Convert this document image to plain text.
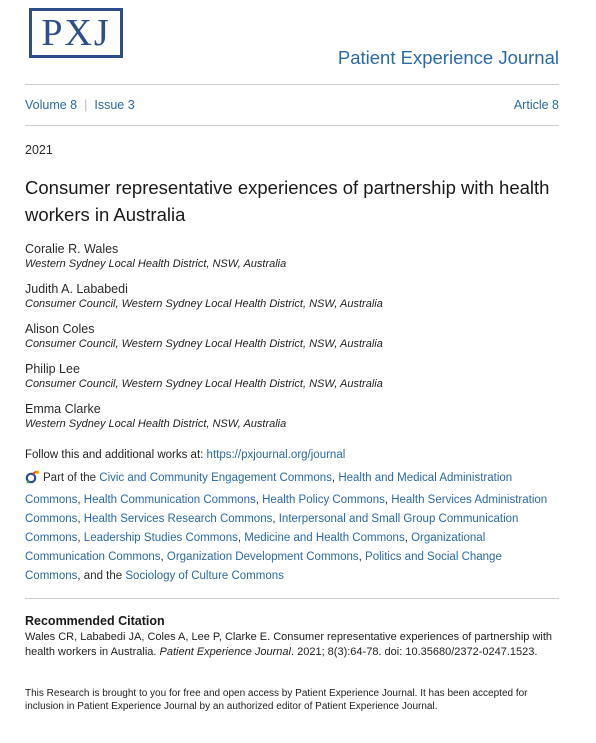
PXJ
Patient Experience Journal
Volume 8 | Issue 3	Article 8
2021
Consumer representative experiences of partnership with health workers in Australia
Coralie R. Wales
Western Sydney Local Health District, NSW, Australia
Judith A. Lababedi
Consumer Council, Western Sydney Local Health District, NSW, Australia
Alison Coles
Consumer Council, Western Sydney Local Health District, NSW, Australia
Philip Lee
Consumer Council, Western Sydney Local Health District, NSW, Australia
Emma Clarke
Western Sydney Local Health District, NSW, Australia
Follow this and additional works at: https://pxjournal.org/journal
Part of the Civic and Community Engagement Commons, Health and Medical Administration Commons, Health Communication Commons, Health Policy Commons, Health Services Administration Commons, Health Services Research Commons, Interpersonal and Small Group Communication Commons, Leadership Studies Commons, Medicine and Health Commons, Organizational Communication Commons, Organization Development Commons, Politics and Social Change Commons, and the Sociology of Culture Commons
Recommended Citation
Wales CR, Lababedi JA, Coles A, Lee P, Clarke E. Consumer representative experiences of partnership with health workers in Australia. Patient Experience Journal. 2021; 8(3):64-78. doi: 10.35680/2372-0247.1523.
This Research is brought to you for free and open access by Patient Experience Journal. It has been accepted for inclusion in Patient Experience Journal by an authorized editor of Patient Experience Journal.
